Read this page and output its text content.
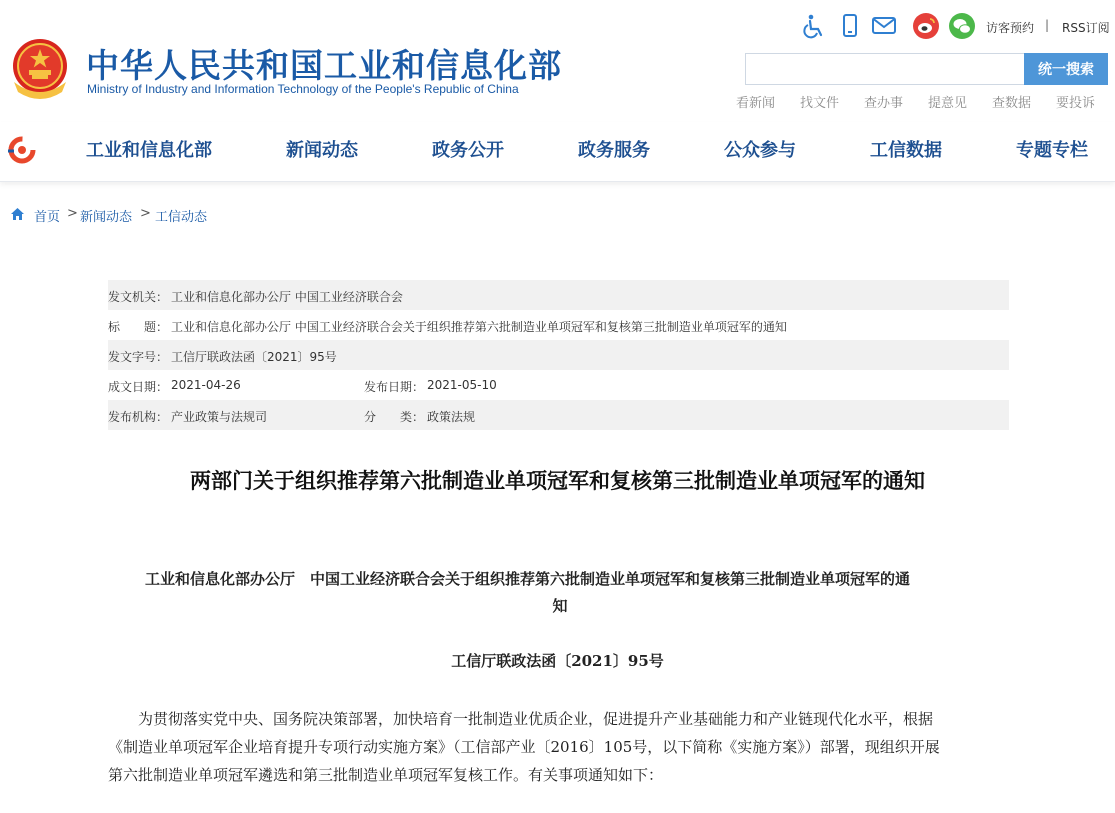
中华人民共和国工业和信息化部
Ministry of Industry and Information Technology of the People's Republic of China
访客预约 | RSS订阅
统一搜索
看新闻 找文件 查办事 提意见 查数据 要投诉
工业和信息化部	新闻动态	政务公开	政务服务	公众参与	工信数据	专题专栏
首页 > 新闻动态 > 工信动态
发文机关： 工业和信息化部办公厅 中国工业经济联合会
标　　题： 工业和信息化部办公厅 中国工业经济联合会关于组织推荐第六批制造业单项冠军和复核第三批制造业单项冠军的通知
发文字号： 工信厅联政法函〔2021〕95号
成文日期： 2021-04-26	发布日期： 2021-05-10
发布机构： 产业政策与法规司	分　　类： 政策法规
两部门关于组织推荐第六批制造业单项冠军和复核第三批制造业单项冠军的通知
工业和信息化部办公厅　中国工业经济联合会关于组织推荐第六批制造业单项冠军和复核第三批制造业单项冠军的通
知
工信厅联政法函〔2021〕95号
　　为贯彻落实党中央、国务院决策部署，加快培育一批制造业优质企业，促进提升产业基础能力和产业链现代化水平，根据
《制造业单项冠军企业培育提升专项行动实施方案》（工信部产业〔2016〕105号，以下简称《实施方案》）部署，现组织开展
第六批制造业单项冠军遴选和第三批制造业单项冠军复核工作。有关事项通知如下：
